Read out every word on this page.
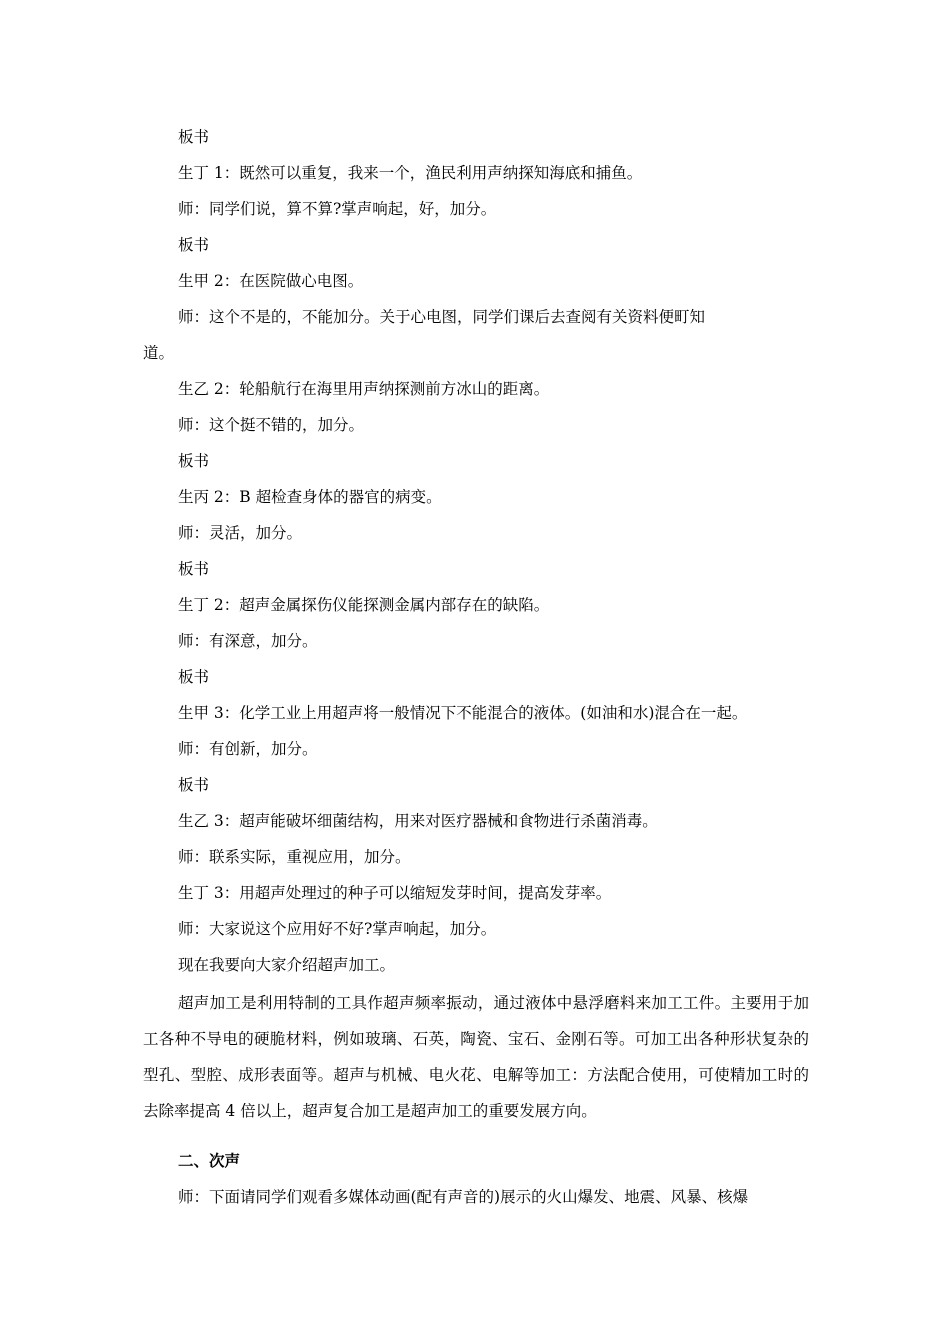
板书

生丁 1：既然可以重复，我来一个，渔民利用声纳探知海底和捕鱼。

师：同学们说，算不算?掌声响起，好，加分。

板书

生甲 2：在医院做心电图。

师：这个不是的，不能加分。关于心电图，同学们课后去查阅有关资料便町知

道。

生乙 2：轮船航行在海里用声纳探测前方冰山的距离。

师：这个挺不错的，加分。

板书

生丙 2：B 超检查身体的器官的病变。

师：灵活，加分。

板书

生丁 2：超声金属探伤仪能探测金属内部存在的缺陷。

师：有深意，加分。

板书

生甲 3：化学工业上用超声将一般情况下不能混合的液体。(如油和水)混合在一起。

师：有创新，加分。

板书

生乙 3：超声能破坏细菌结构，用来对医疗器械和食物进行杀菌消毒。

师：联系实际，重视应用，加分。

生丁 3：用超声处理过的种子可以缩短发芽时间，提高发芽率。

师：大家说这个应用好不好?掌声响起，加分。

现在我要向大家介绍超声加工。

超声加工是利用特制的工具作超声频率振动，通过液体中悬浮磨料来加工工件。主要用于加工各种不导电的硬脆材料，例如玻璃、石英，陶瓷、宝石、金刚石等。可加工出各种形状复杂的型孔、型腔、成形表面等。超声与机械、电火花、电解等加工：方法配合使用，可使精加工时的去除率提高 4 倍以上，超声复合加工是超声加工的重要发展方向。

二、次声

师：下面请同学们观看多媒体动画(配有声音的)展示的火山爆发、地震、风暴、核爆
